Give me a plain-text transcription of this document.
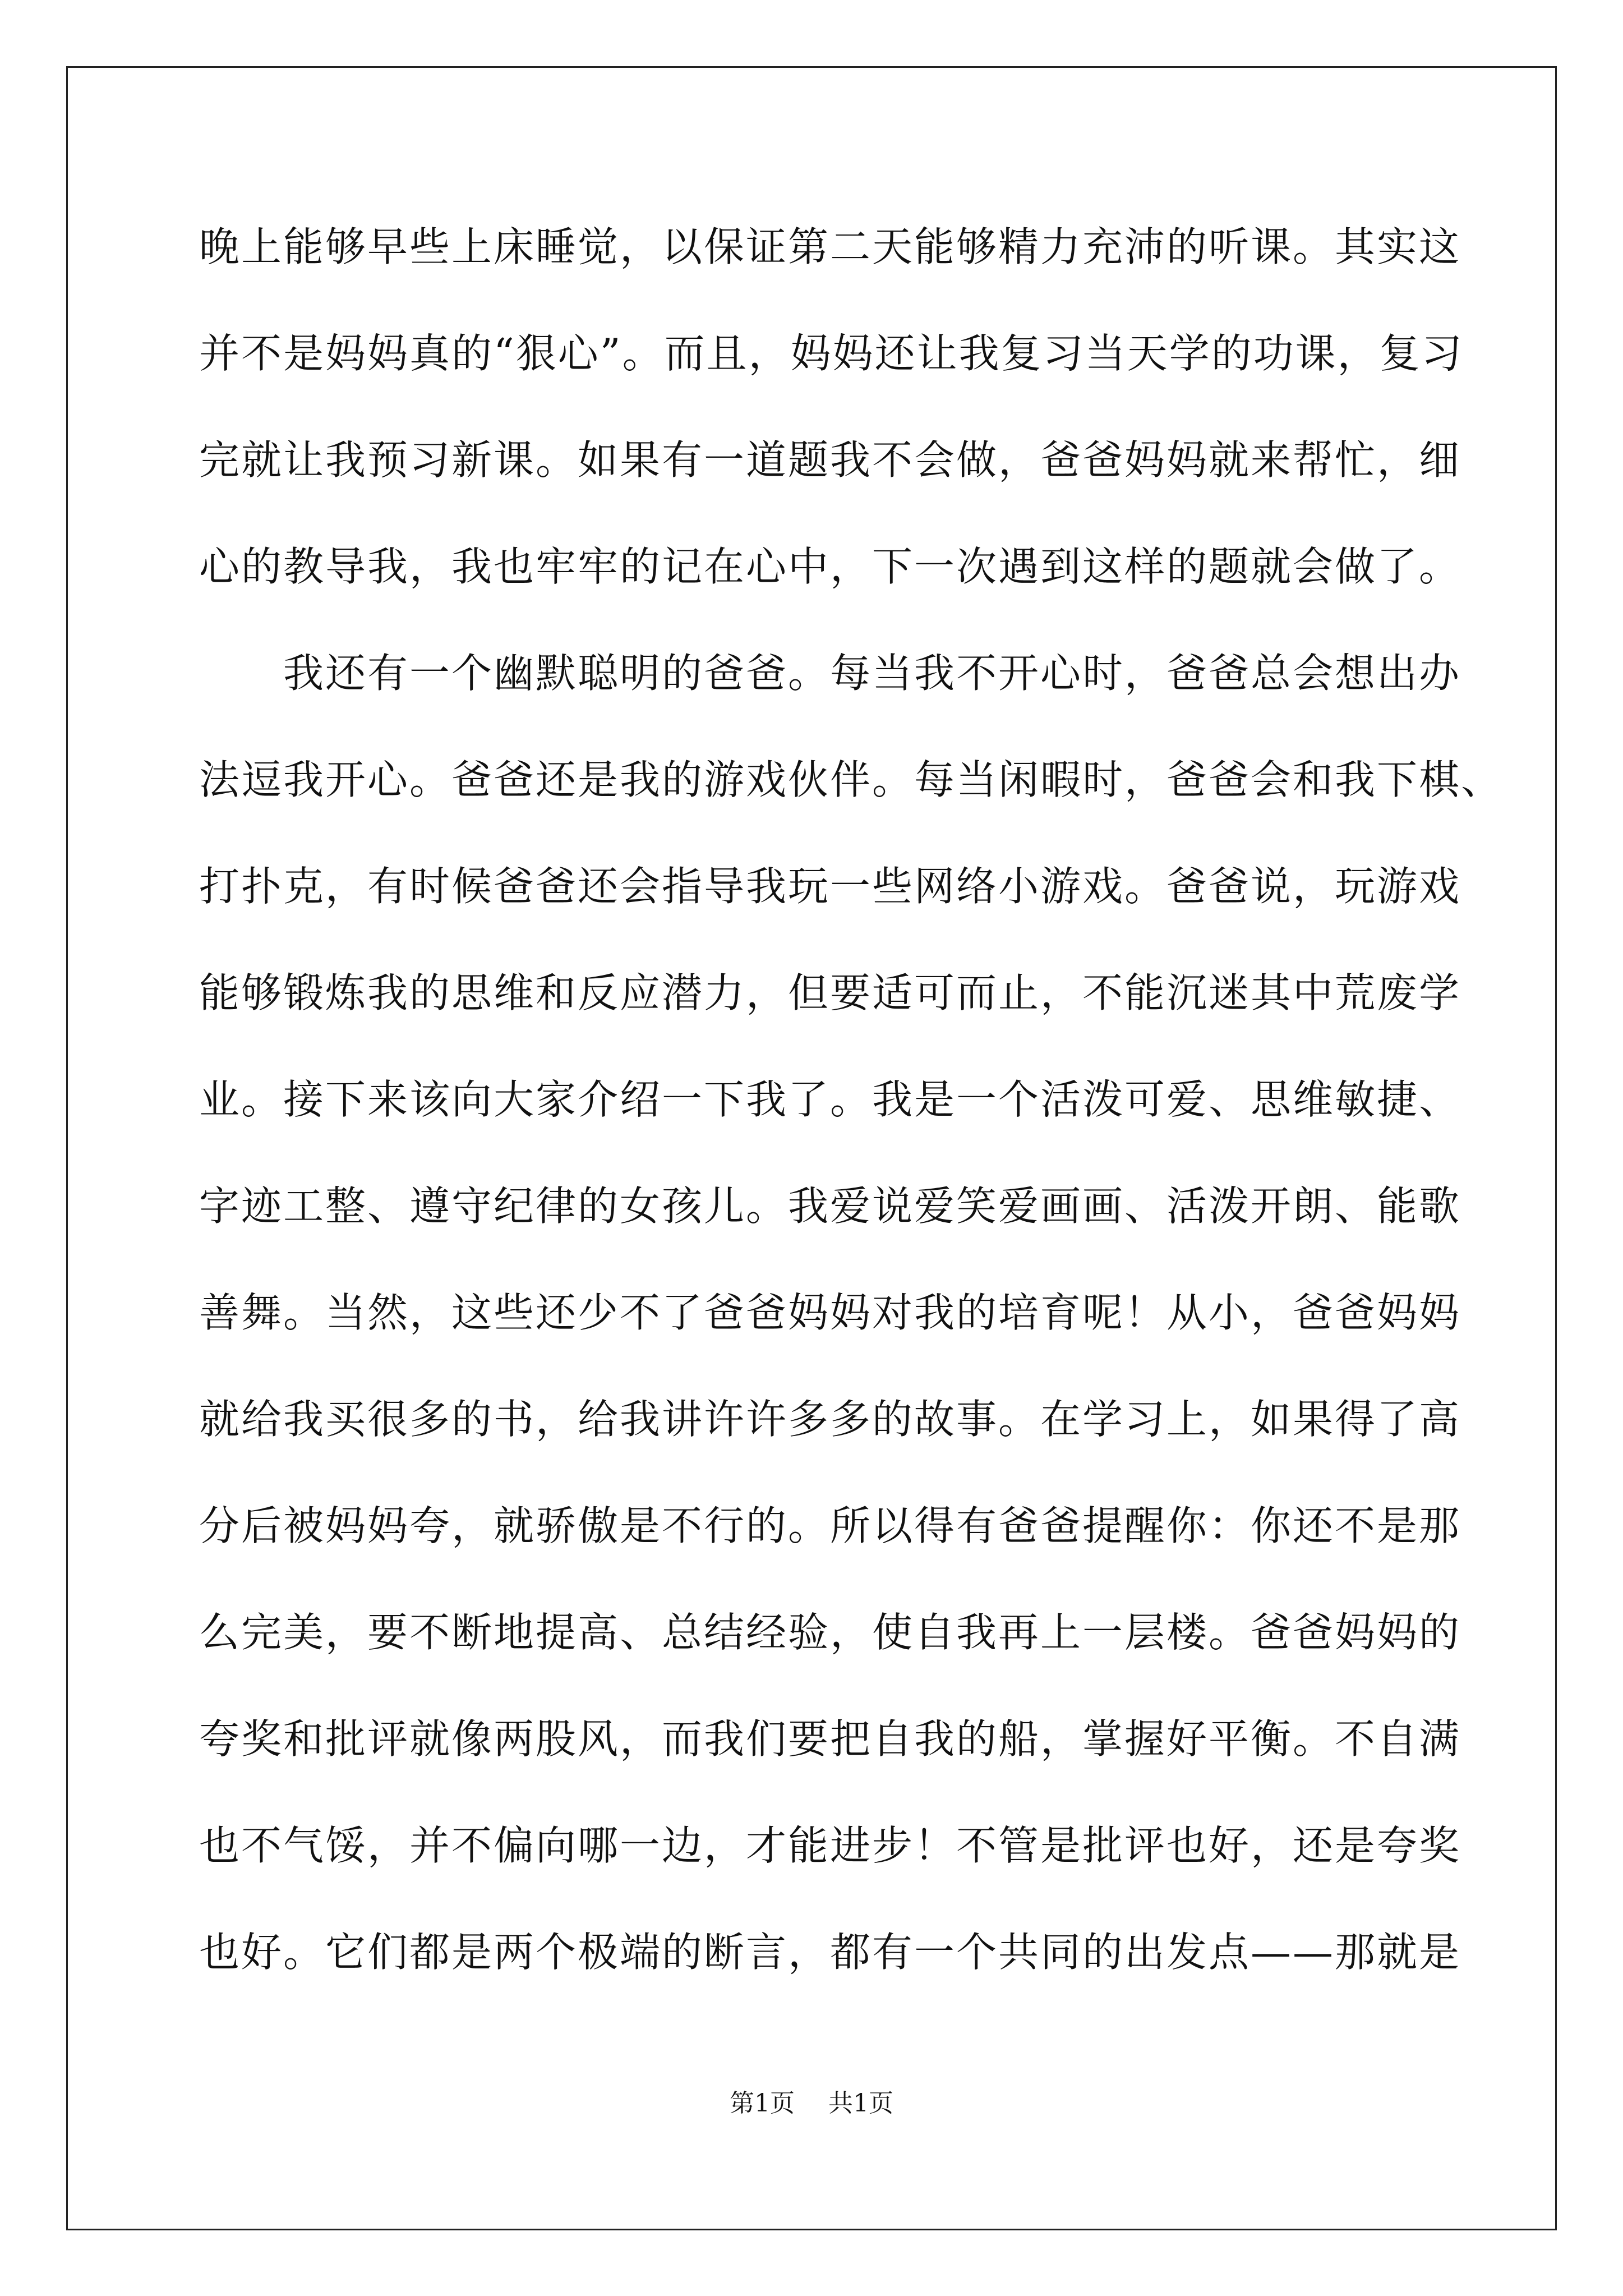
晚上能够早些上床睡觉，以保证第二天能够精力充沛的听课。其实这
并不是妈妈真的“狠心”。而且，妈妈还让我复习当天学的功课，复习
完就让我预习新课。如果有一道题我不会做，爸爸妈妈就来帮忙，细
心的教导我，我也牢牢的记在心中，下一次遇到这样的题就会做了。
　　我还有一个幽默聪明的爸爸。每当我不开心时，爸爸总会想出办
法逗我开心。爸爸还是我的游戏伙伴。每当闲暇时，爸爸会和我下棋、
打扑克，有时候爸爸还会指导我玩一些网络小游戏。爸爸说，玩游戏
能够锻炼我的思维和反应潜力，但要适可而止，不能沉迷其中荒废学
业。接下来该向大家介绍一下我了。我是一个活泼可爱、思维敏捷、
字迹工整、遵守纪律的女孩儿。我爱说爱笑爱画画、活泼开朗、能歌
善舞。当然，这些还少不了爸爸妈妈对我的培育呢！从小，爸爸妈妈
就给我买很多的书，给我讲许许多多的故事。在学习上，如果得了高
分后被妈妈夸，就骄傲是不行的。所以得有爸爸提醒你：你还不是那
么完美，要不断地提高、总结经验，使自我再上一层楼。爸爸妈妈的
夸奖和批评就像两股风，而我们要把自我的船，掌握好平衡。不自满
也不气馁，并不偏向哪一边，才能进步！不管是批评也好，还是夸奖
也好。它们都是两个极端的断言，都有一个共同的出发点——那就是
第1页 共1页
